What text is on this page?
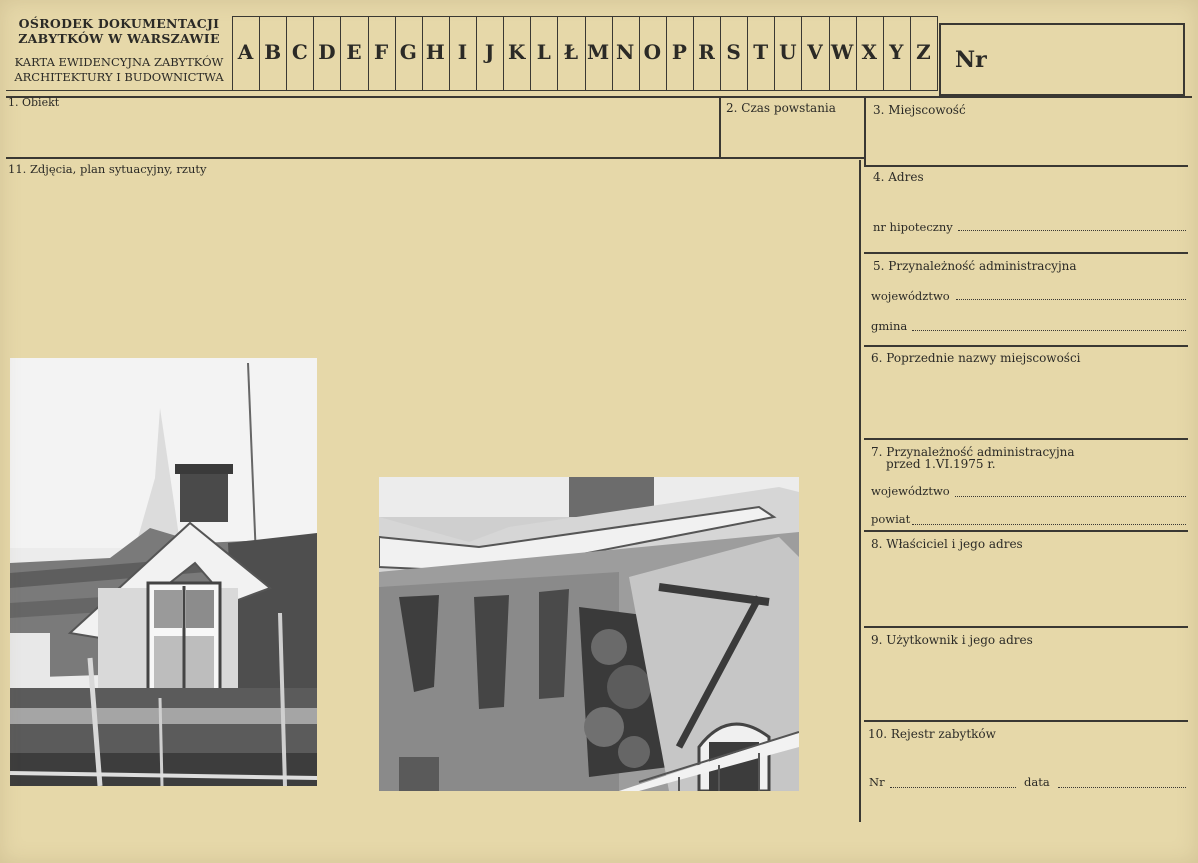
OŚRODEK DOKUMENTACJI
ZABYTKÓW W WARSZAWIE
KARTA EWIDENCYJNA ZABYTKÓW
ARCHITEKTURY I BUDOWNICTWA
A B C D E F G H I J K L Ł M N O P R S T U V W X Y Z Nr
1. Obiekt	2. Czas powstania	3. Miejscowość
11. Zdjęcia, plan sytuacyjny, rzuty
4. Adres
nr hipoteczny
5. Przynależność administracyjna
województwo
gmina
6. Poprzednie nazwy miejscowości
7. Przynależność administracyjna
przed 1.VI.1975 r.
województwo
powiat
8. Właściciel i jego adres
9. Użytkownik i jego adres
10. Rejestr zabytków
Nr	data
